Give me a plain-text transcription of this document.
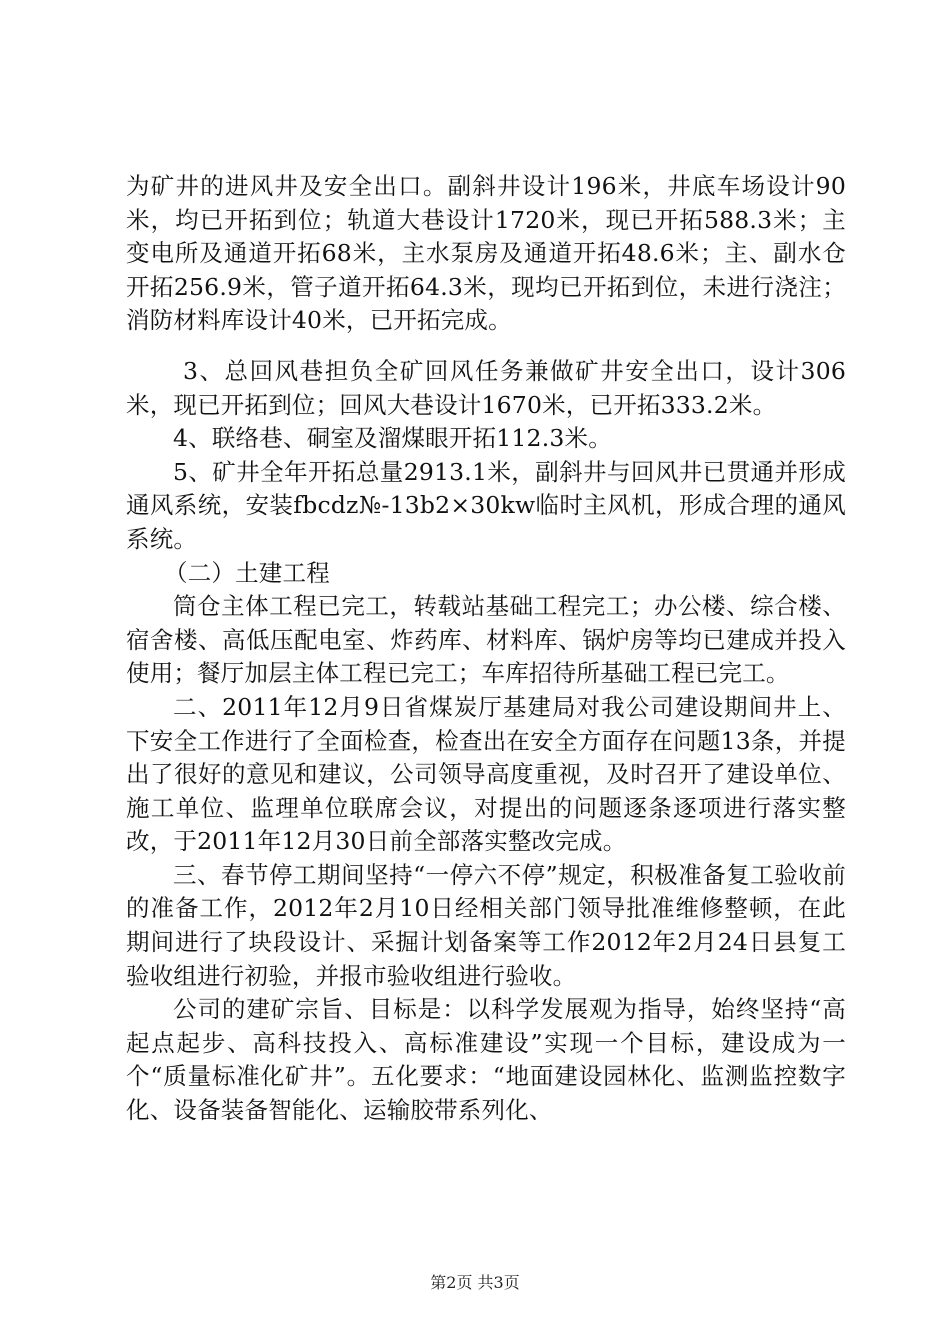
为矿井的进风井及安全出口。副斜井设计196米，井底车场设计90米，均已开拓到位；轨道大巷设计1720米，现已开拓588.3米；主变电所及通道开拓68米，主水泵房及通道开拓48.6米；主、副水仓开拓256.9米，管子道开拓64.3米，现均已开拓到位，未进行浇注；消防材料库设计40米，已开拓完成。

3、总回风巷担负全矿回风任务兼做矿井安全出口，设计306米，现已开拓到位；回风大巷设计1670米，已开拓333.2米。

4、联络巷、硐室及溜煤眼开拓112.3米。

5、矿井全年开拓总量2913.1米，副斜井与回风井已贯通并形成通风系统，安装fbcdz№-13b2×30kw临时主风机，形成合理的通风系统。

（二）土建工程

筒仓主体工程已完工，转载站基础工程完工；办公楼、综合楼、宿舍楼、高低压配电室、炸药库、材料库、锅炉房等均已建成并投入使用；餐厅加层主体工程已完工；车库招待所基础工程已完工。

二、2011年12月9日省煤炭厅基建局对我公司建设期间井上、下安全工作进行了全面检查，检查出在安全方面存在问题13条，并提出了很好的意见和建议，公司领导高度重视，及时召开了建设单位、施工单位、监理单位联席会议，对提出的问题逐条逐项进行落实整改，于2011年12月30日前全部落实整改完成。

三、春节停工期间坚持“一停六不停”规定，积极准备复工验收前的准备工作，2012年2月10日经相关部门领导批准维修整顿，在此期间进行了块段设计、采掘计划备案等工作2012年2月24日县复工验收组进行初验，并报市验收组进行验收。

公司的建矿宗旨、目标是：以科学发展观为指导，始终坚持“高起点起步、高科技投入、高标准建设”实现一个目标，建设成为一个“质量标准化矿井”。五化要求：“地面建设园林化、监测监控数字化、设备装备智能化、运输胶带系列化、

第2页 共3页
